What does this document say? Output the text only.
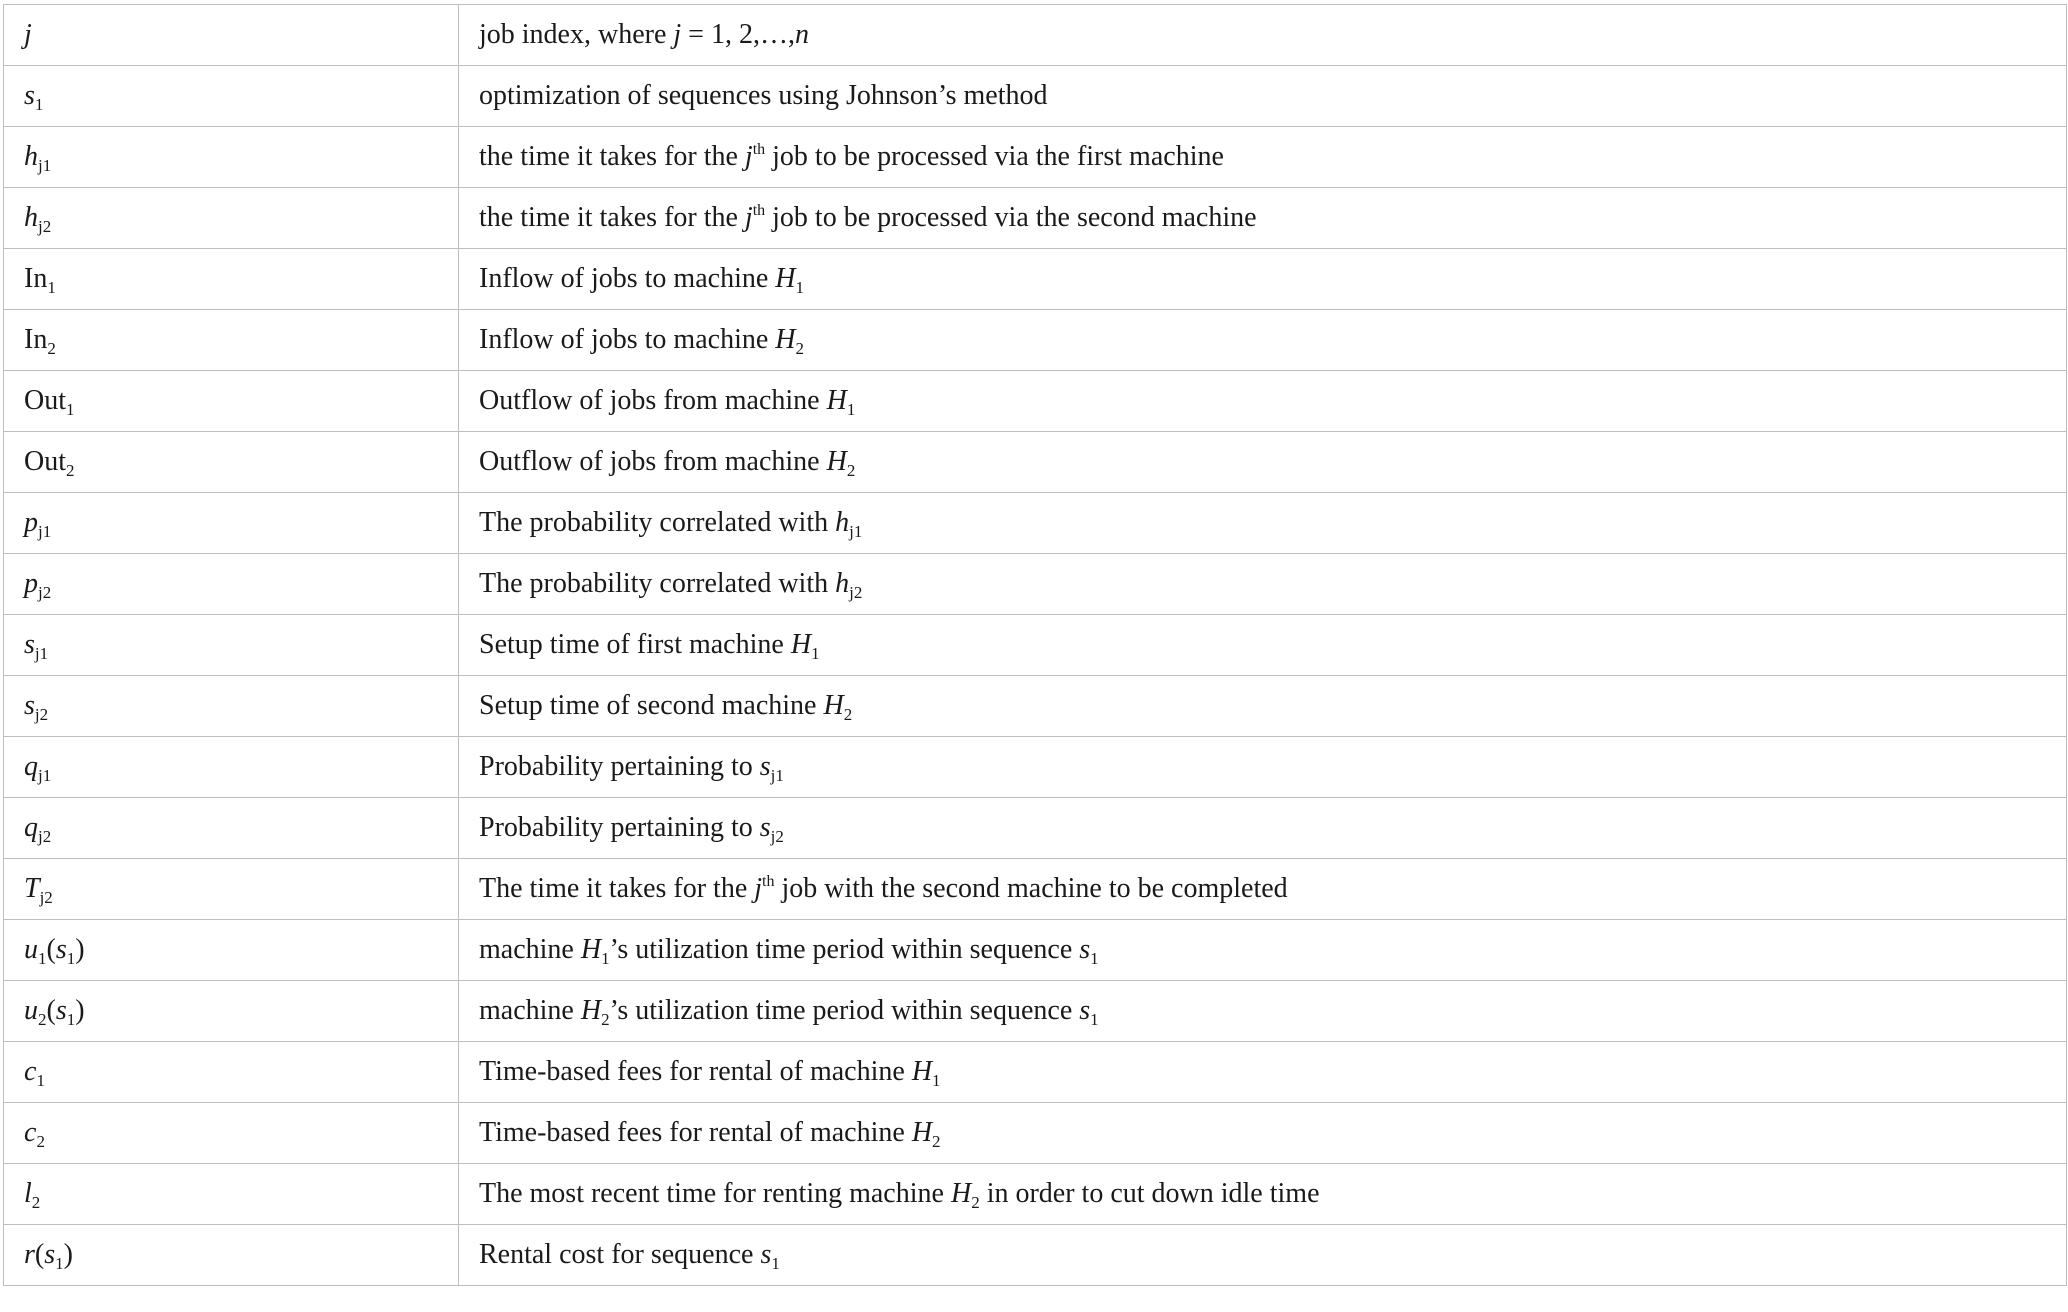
j	job index, where j = 1, 2,…,n
$s_1$	optimization of sequences using Johnson’s method
$h_{j1}$	the time it takes for the $j^{th}$ job to be processed via the first machine
$h_{j2}$	the time it takes for the $j^{th}$ job to be processed via the second machine
$In_1$	Inflow of jobs to machine $H_1$
$In_2$	Inflow of jobs to machine $H_2$
Out$_1$	Outflow of jobs from machine $H_1$
Out$_2$	Outflow of jobs from machine $H_2$
$p_{j1}$	The probability correlated with $h_{j1}$
$p_{j2}$	The probability correlated with $h_{j2}$
$s_{j1}$	Setup time of first machine $H_1$
$s_{j2}$	Setup time of second machine $H_2$
$q_{j1}$	Probability pertaining to $s_{j1}$
$q_{j2}$	Probability pertaining to $s_{j2}$
$T_{j2}$	The time it takes for the $j^{th}$ job with the second machine to be completed
$u_1(s_1)$	machine $H_1’s$ utilization time period within sequence $s_1$
$u_2(s_1)$	machine $H_2’s$ utilization time period within sequence $s_1$
$c_1$	Time-based fees for rental of machine $H_1$
$c_2$	Time-based fees for rental of machine $H_2$
$l_2$	The most recent time for renting machine $H_2$ in order to cut down idle time
$r(s_1)$	Rental cost for sequence $s_1$
